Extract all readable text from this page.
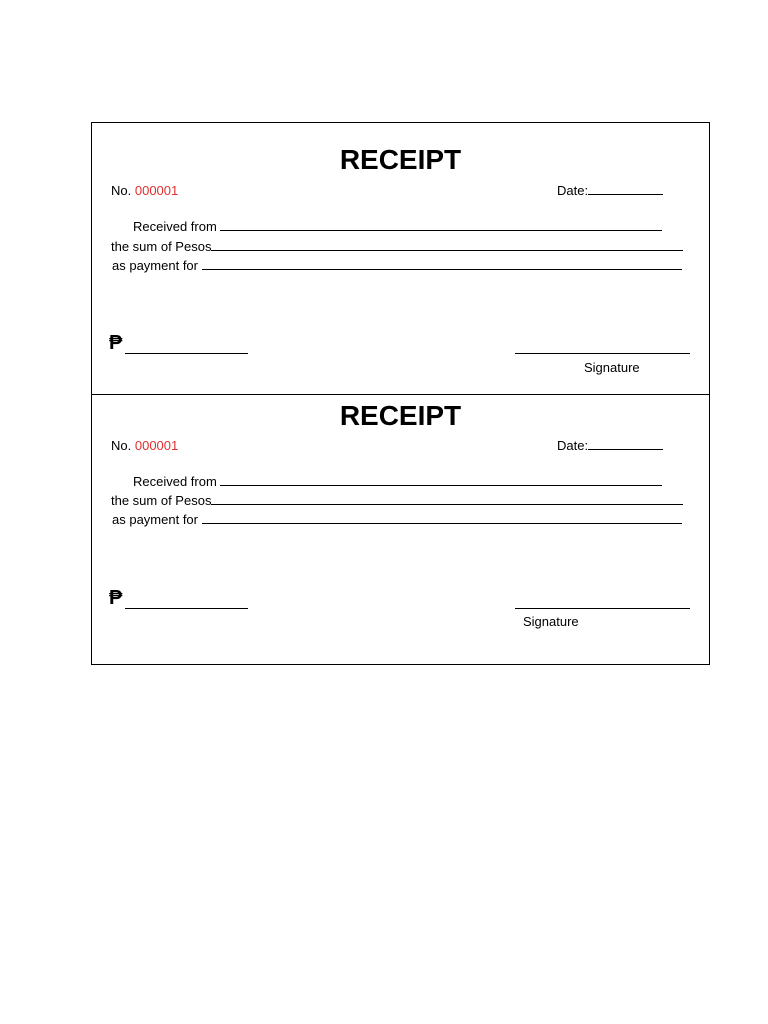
RECEIPT
No. 000001	Date:
Received from
the sum of Pesos
as payment for
₱
Signature
RECEIPT
No. 000001	Date:
Received from
the sum of Pesos
as payment for
₱
Signature
